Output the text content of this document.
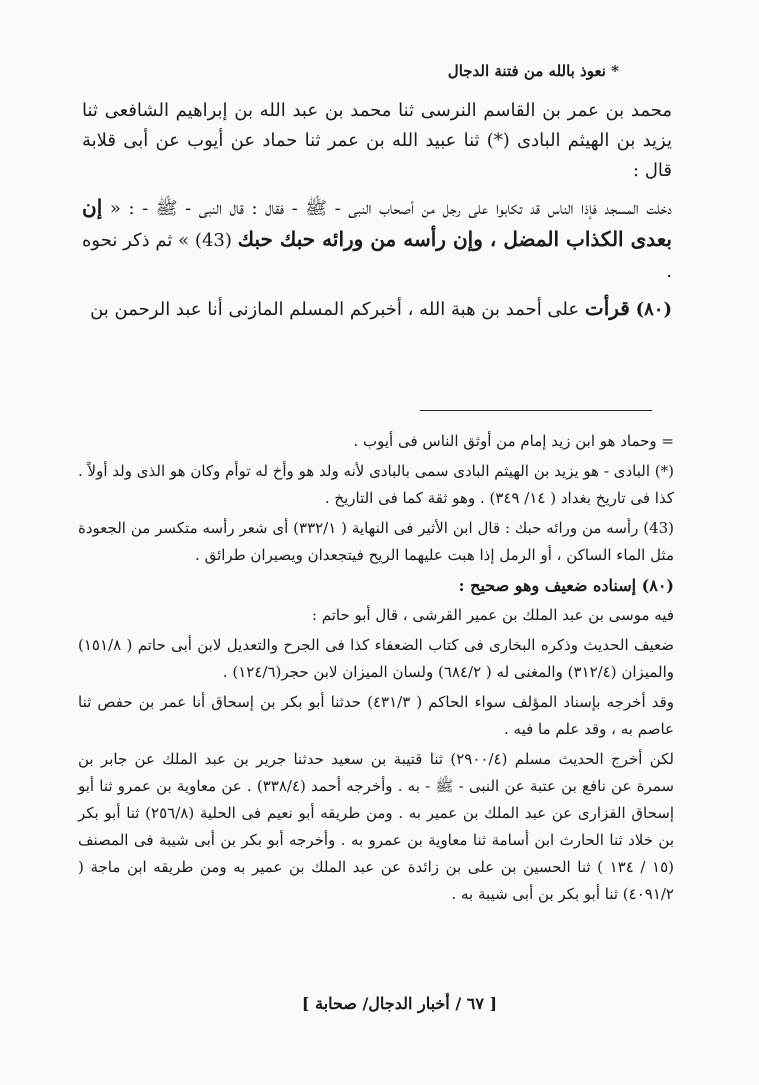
* نعوذ بالله من فتنة الدجال

محمد بن عمر بن القاسم النرسى ثنا محمد بن عبد الله بن إبراهيم الشافعى ثنا يزيد بن الهيثم البادى (*) ثنا عبيد الله بن عمر ثنا حماد عن أيوب عن أبى قلابة قال :

دخلت المسجد فإذا الناس قد تكابوا على رجل من أصحاب النبى - ﷺ - فقال : قال النبى - ﷺ - : « إن بعدى الكذاب المضل ، وإن رأسه من ورائه حبك حبك (43) » ثم ذكر نحوه .

(٨٠) قرأت على أحمد بن هبة الله ، أخبركم المسلم المازنى أنا عبد الرحمن بن

= وحماد هو ابن زيد إمام من أوثق الناس فى أيوب .

(*) البادى - هو يزيد بن الهيثم البادى سمى بالبادى لأنه ولد هو وأخ له توأم وكان هو الذى ولد أولاً . كذا فى تاريخ بغداد ( ١٤/ ٣٤٩) . وهو ثقة كما فى التاريخ .

(43) رأسه من ورائه حبك : قال ابن الأثير فى النهاية ( ٣٣٢/١) أى شعر رأسه متكسر من الجعودة مثل الماء الساكن ، أو الرمل إذا هبت عليهما الريح فيتجعدان ويصيران طرائق .

(٨٠) إسناده ضعيف وهو صحيح :

فيه موسى بن عبد الملك بن عمير القرشى ، قال أبو حاتم :

ضعيف الحديث وذكره البخارى فى كتاب الضعفاء كذا فى الجرح والتعديل لابن أبى حاتم ( ١٥١/٨) والميزان (٣١٢/٤) والمغنى له ( ٦٨٤/٢) ولسان الميزان لابن حجر(١٢٤/٦) .

وقد أخرجه بإسناد المؤلف سواء الحاكم ( ٤٣١/٣) حدثنا أبو بكر بن إسحاق أنا عمر بن حفص ثنا عاصم به ، وقد علم ما فيه .

لكن أخرج الحديث مسلم (٢٩٠٠/٤) ثنا قتيبة بن سعيد حدثنا جرير بن عبد الملك عن جابر بن سمرة عن نافع بن عتبة عن النبى - ﷺ - به . وأخرجه أحمد (٣٣٨/٤) . عن معاوية بن عمرو ثنا أبو إسحاق الفزارى عن عبد الملك بن عمير به . ومن طريقه أبو نعيم فى الحلية (٢٥٦/٨) ثنا أبو بكر بن خلاد ثنا الحارث ابن أسامة ثنا معاوية بن عمرو به . وأخرجه أبو بكر بن أبى شيبة فى المصنف (١٥ / ١٣٤ ) ثنا الحسين بن على بن زائدة عن عبد الملك بن عمير به ومن طريقه ابن ماجة ( ٤٠٩١/٢) ثنا أبو بكر بن أبى شيبة به .

[ ٦٧ / أخبار الدجال/ صحابة ]
